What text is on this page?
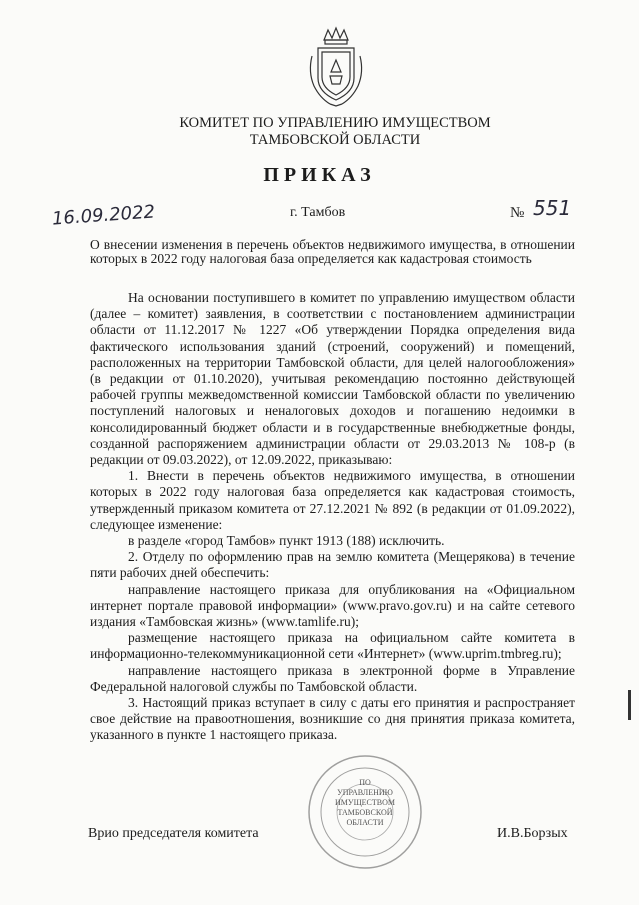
КОМИТЕТ ПО УПРАВЛЕНИЮ ИМУЩЕСТВОМ
ТАМБОВСКОЙ ОБЛАСТИ
ПРИКАЗ
16.09.2022	г. Тамбов	№ 551
О внесении изменения в перечень объектов недвижимого имущества, в отношении которых в 2022 году налоговая база определяется как кадастровая стоимость

На основании поступившего в комитет по управлению имуществом области (далее – комитет) заявления, в соответствии с постановлением администрации области от 11.12.2017 № 1227 «Об утверждении Порядка определения вида фактического использования зданий (строений, сооружений) и помещений, расположенных на территории Тамбовской области, для целей налогообложения» (в редакции от 01.10.2020), учитывая рекомендацию постоянно действующей рабочей группы межведомственной комиссии Тамбовской области по увеличению поступлений налоговых и неналоговых доходов и погашению недоимки в консолидированный бюджет области и в государственные внебюджетные фонды, созданной распоряжением администрации области от 29.03.2013 № 108-р (в редакции от 09.03.2022), от 12.09.2022, приказываю:

1. Внести в перечень объектов недвижимого имущества, в отношении которых в 2022 году налоговая база определяется как кадастровая стоимость, утвержденный приказом комитета от 27.12.2021 № 892 (в редакции от 01.09.2022), следующее изменение:

в разделе «город Тамбов» пункт 1913 (188) исключить.

2. Отделу по оформлению прав на землю комитета (Мещерякова) в течение пяти рабочих дней обеспечить:

направление настоящего приказа для опубликования на «Официальном интернет портале правовой информации» (www.pravo.gov.ru) и на сайте сетевого издания «Тамбовская жизнь» (www.tamlife.ru);

размещение настоящего приказа на официальном сайте комитета в информационно-телекоммуникационной сети «Интернет» (www.uprim.tmbreg.ru);

направление настоящего приказа в электронной форме в Управление Федеральной налоговой службы по Тамбовской области.

3. Настоящий приказ вступает в силу с даты его принятия и распространяет свое действие на правоотношения, возникшие со дня принятия приказа комитета, указанного в пункте 1 настоящего приказа.

ПО УПРАВЛЕНИЮ ИМУЩЕСТВОМ ТАМБОВСКОЙ ОБЛАСТИ
Врио председателя комитета	И.В.Борзых
